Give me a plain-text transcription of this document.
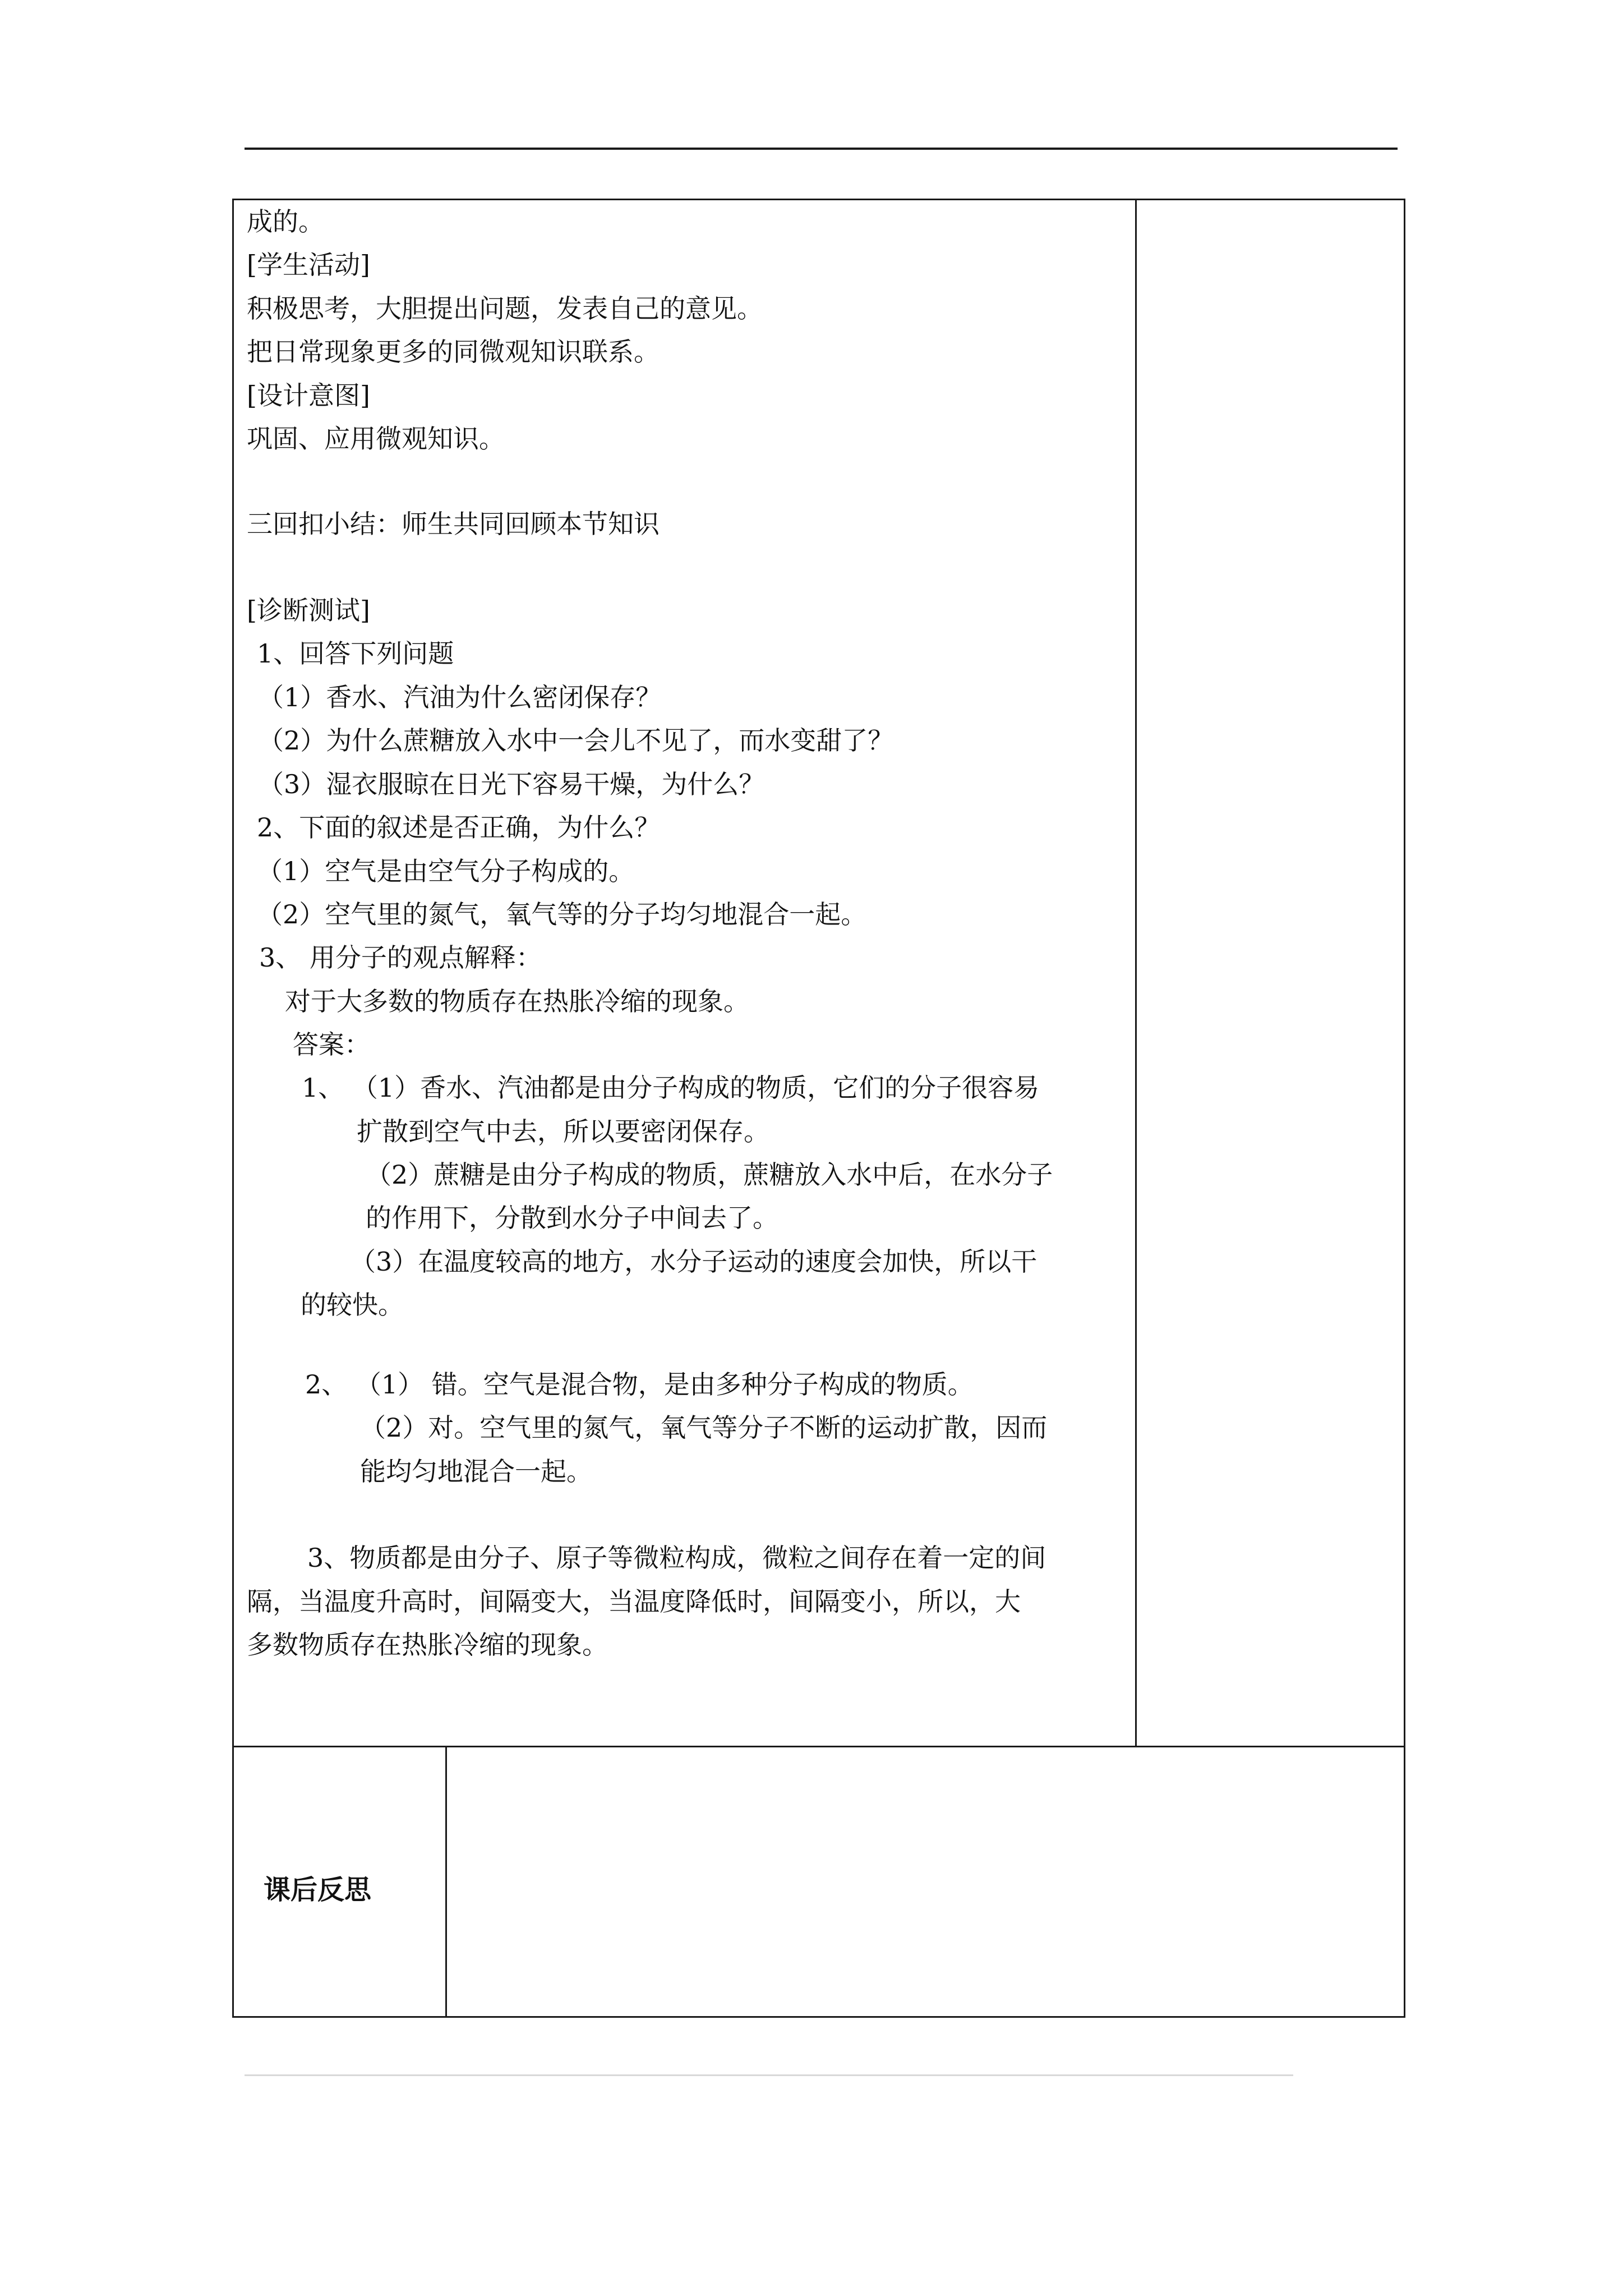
成的。
[学生活动]
积极思考，大胆提出问题，发表自己的意见。
把日常现象更多的同微观知识联系。
[设计意图]
巩固、应用微观知识。
三回扣小结：师生共同回顾本节知识
[诊断测试]
1、回答下列问题
（1）香水、汽油为什么密闭保存？
（2）为什么蔗糖放入水中一会儿不见了，而水变甜了？
（3）湿衣服晾在日光下容易干燥，为什么？
2、下面的叙述是否正确，为什么？
（1）空气是由空气分子构成的。
（2）空气里的氮气，氧气等的分子均匀地混合一起。
3、 用分子的观点解释：
对于大多数的物质存在热胀冷缩的现象。
答案：
1、 （1）香水、汽油都是由分子构成的物质，它们的分子很容易
扩散到空气中去，所以要密闭保存。
（2）蔗糖是由分子构成的物质，蔗糖放入水中后，在水分子
的作用下，分散到水分子中间去了。
（3）在温度较高的地方，水分子运动的速度会加快，所以干
的较快。
2、 （1） 错。空气是混合物，是由多种分子构成的物质。
（2）对。空气里的氮气，氧气等分子不断的运动扩散，因而
能均匀地混合一起。
3、物质都是由分子、原子等微粒构成，微粒之间存在着一定的间
隔，当温度升高时，间隔变大，当温度降低时，间隔变小，所以，大
多数物质存在热胀冷缩的现象。
课后反思
